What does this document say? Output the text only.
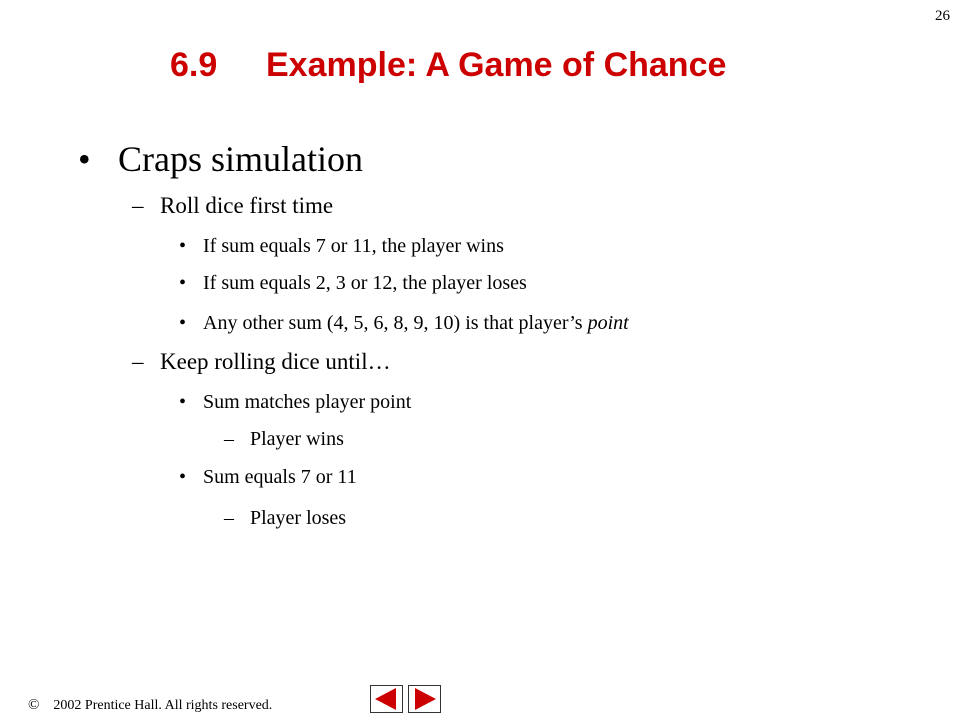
26
6.9 Example: A Game of Chance
• Craps simulation
– Roll dice first time
• If sum equals 7 or 11, the player wins
• If sum equals 2, 3 or 12, the player loses
• Any other sum (4, 5, 6, 8, 9, 10) is that player’s point
– Keep rolling dice until…
• Sum matches player point
– Player wins
• Sum equals 7 or 11
– Player loses
© 2002 Prentice Hall. All rights reserved.
